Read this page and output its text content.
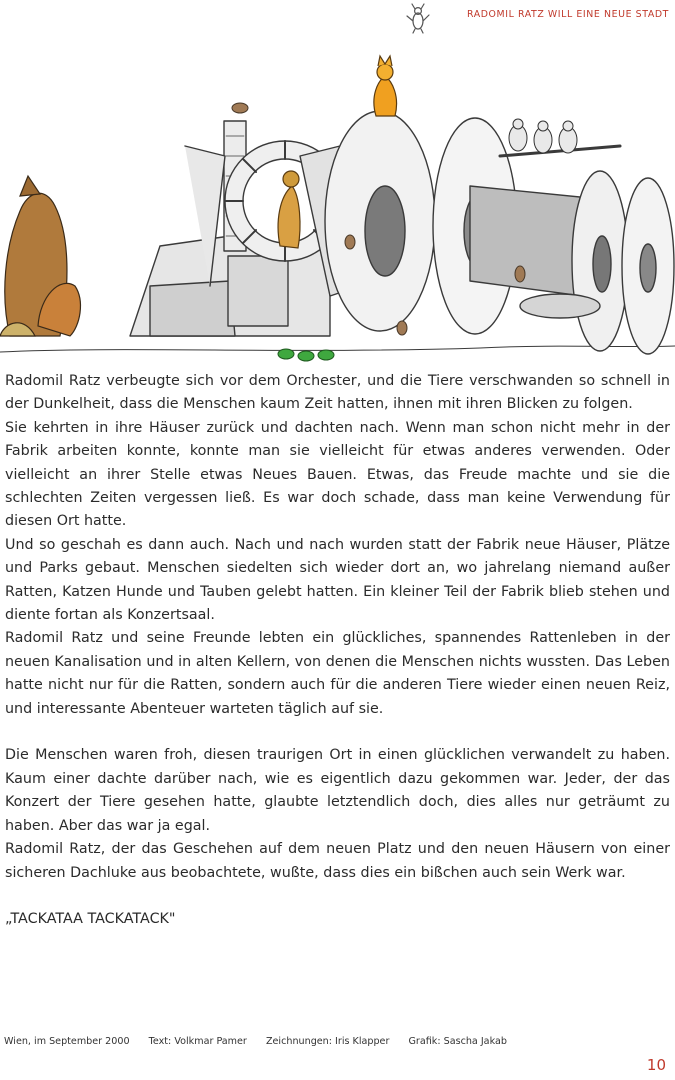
RADOMIL RATZ WILL EINE NEUE STADT

Radomil Ratz verbeugte sich vor dem Orchester, und die Tiere verschwanden so schnell in der Dunkelheit, dass die Menschen kaum Zeit hatten, ihnen mit ihren Blicken zu folgen.

Sie kehrten in ihre Häuser zurück und dachten nach. Wenn man schon nicht mehr in der Fabrik arbeiten konnte, konnte man sie vielleicht für etwas anderes verwenden. Oder vielleicht an ihrer Stelle etwas Neues Bauen. Etwas, das Freude machte und sie die schlechten Zeiten vergessen ließ. Es war doch schade, dass man keine Verwendung für diesen Ort hatte.

Und so geschah es dann auch. Nach und nach wurden statt der Fabrik neue Häuser, Plätze und Parks gebaut. Menschen siedelten sich wieder dort an, wo jahrelang niemand außer Ratten, Katzen Hunde und Tauben gelebt hatten. Ein kleiner Teil der Fabrik blieb stehen und diente fortan als Konzertsaal.

Radomil Ratz und seine Freunde lebten ein glückliches, spannendes Rattenleben in der neuen Kanalisation und in alten Kellern, von denen die Menschen nichts wussten. Das Leben hatte nicht nur für die Ratten, sondern auch für die anderen Tiere wieder einen neuen Reiz, und interessante Abenteuer warteten täglich auf sie.

Die Menschen waren froh, diesen traurigen Ort in einen glücklichen verwandelt zu haben. Kaum einer dachte darüber nach, wie es eigentlich dazu gekommen war. Jeder, der das Konzert der Tiere gesehen hatte, glaubte letztendlich doch, dies alles nur geträumt zu haben. Aber das war ja egal.

Radomil Ratz, der das Geschehen auf dem neuen Platz und den neuen Häusern von einer sicheren Dachluke aus beobachtete, wußte, dass dies ein bißchen auch sein Werk war.

„TACKATAA TACKATACK"

Wien, im September 2000 Text: Volkmar Pamer Zeichnungen: Iris Klapper Grafik: Sascha Jakab
10
